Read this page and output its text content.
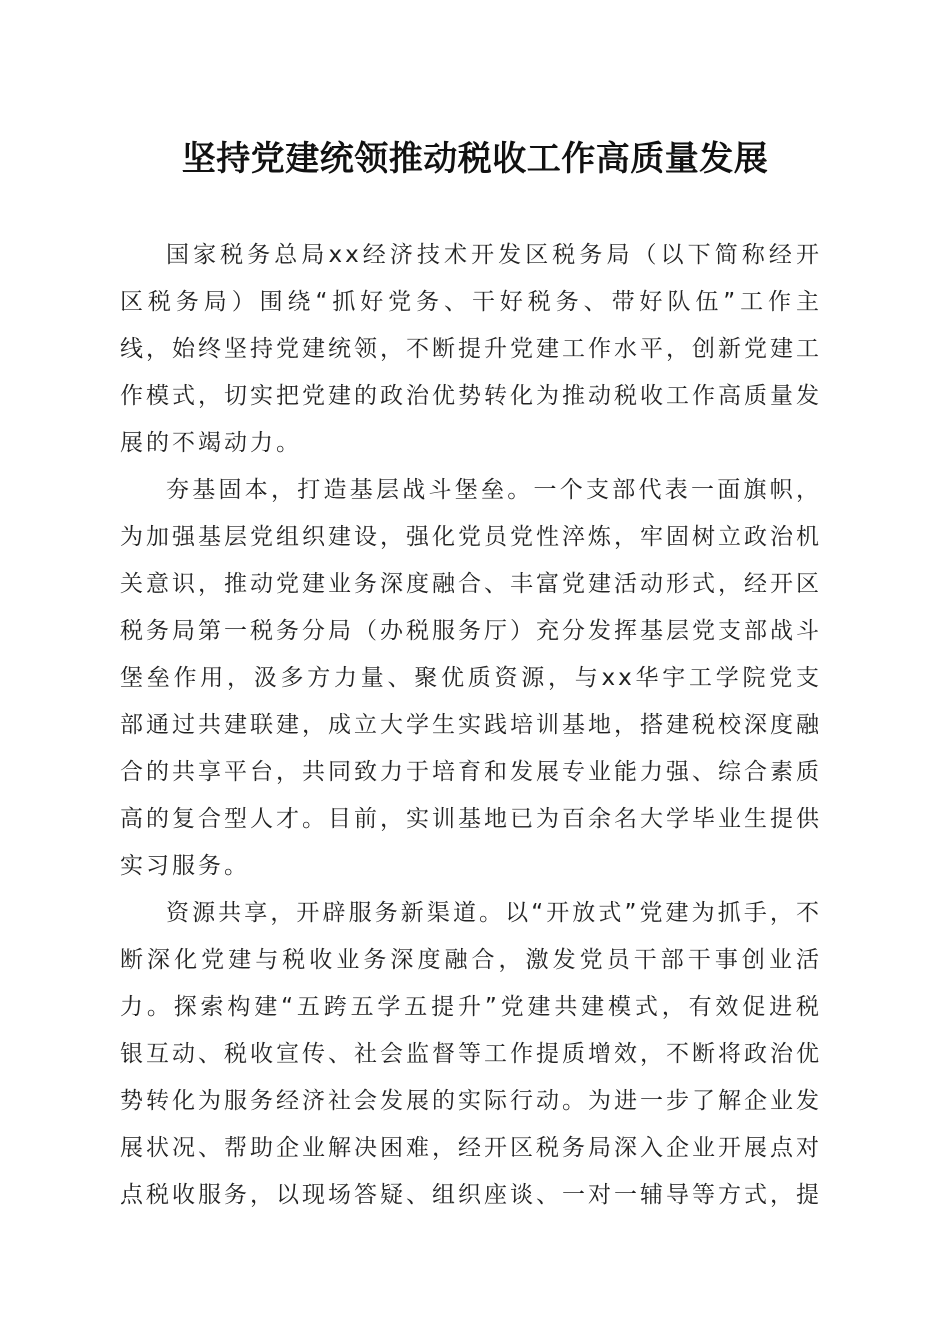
坚持党建统领推动税收工作高质量发展

国家税务总局xx经济技术开发区税务局（以下简称经开区税务局）围绕“抓好党务、干好税务、带好队伍”工作主线，始终坚持党建统领，不断提升党建工作水平，创新党建工作模式，切实把党建的政治优势转化为推动税收工作高质量发展的不竭动力。

夯基固本，打造基层战斗堡垒。一个支部代表一面旗帜，为加强基层党组织建设，强化党员党性淬炼，牢固树立政治机关意识，推动党建业务深度融合、丰富党建活动形式，经开区税务局第一税务分局（办税服务厅）充分发挥基层党支部战斗堡垒作用，汲多方力量、聚优质资源，与xx华宇工学院党支部通过共建联建，成立大学生实践培训基地，搭建税校深度融合的共享平台，共同致力于培育和发展专业能力强、综合素质高的复合型人才。目前，实训基地已为百余名大学毕业生提供实习服务。

资源共享，开辟服务新渠道。以“开放式”党建为抓手，不断深化党建与税收业务深度融合，激发党员干部干事创业活力。探索构建“五跨五学五提升”党建共建模式，有效促进税银互动、税收宣传、社会监督等工作提质增效，不断将政治优势转化为服务经济社会发展的实际行动。为进一步了解企业发展状况、帮助企业解决困难，经开区税务局深入企业开展点对点税收服务，以现场答疑、组织座谈、一对一辅导等方式，提
